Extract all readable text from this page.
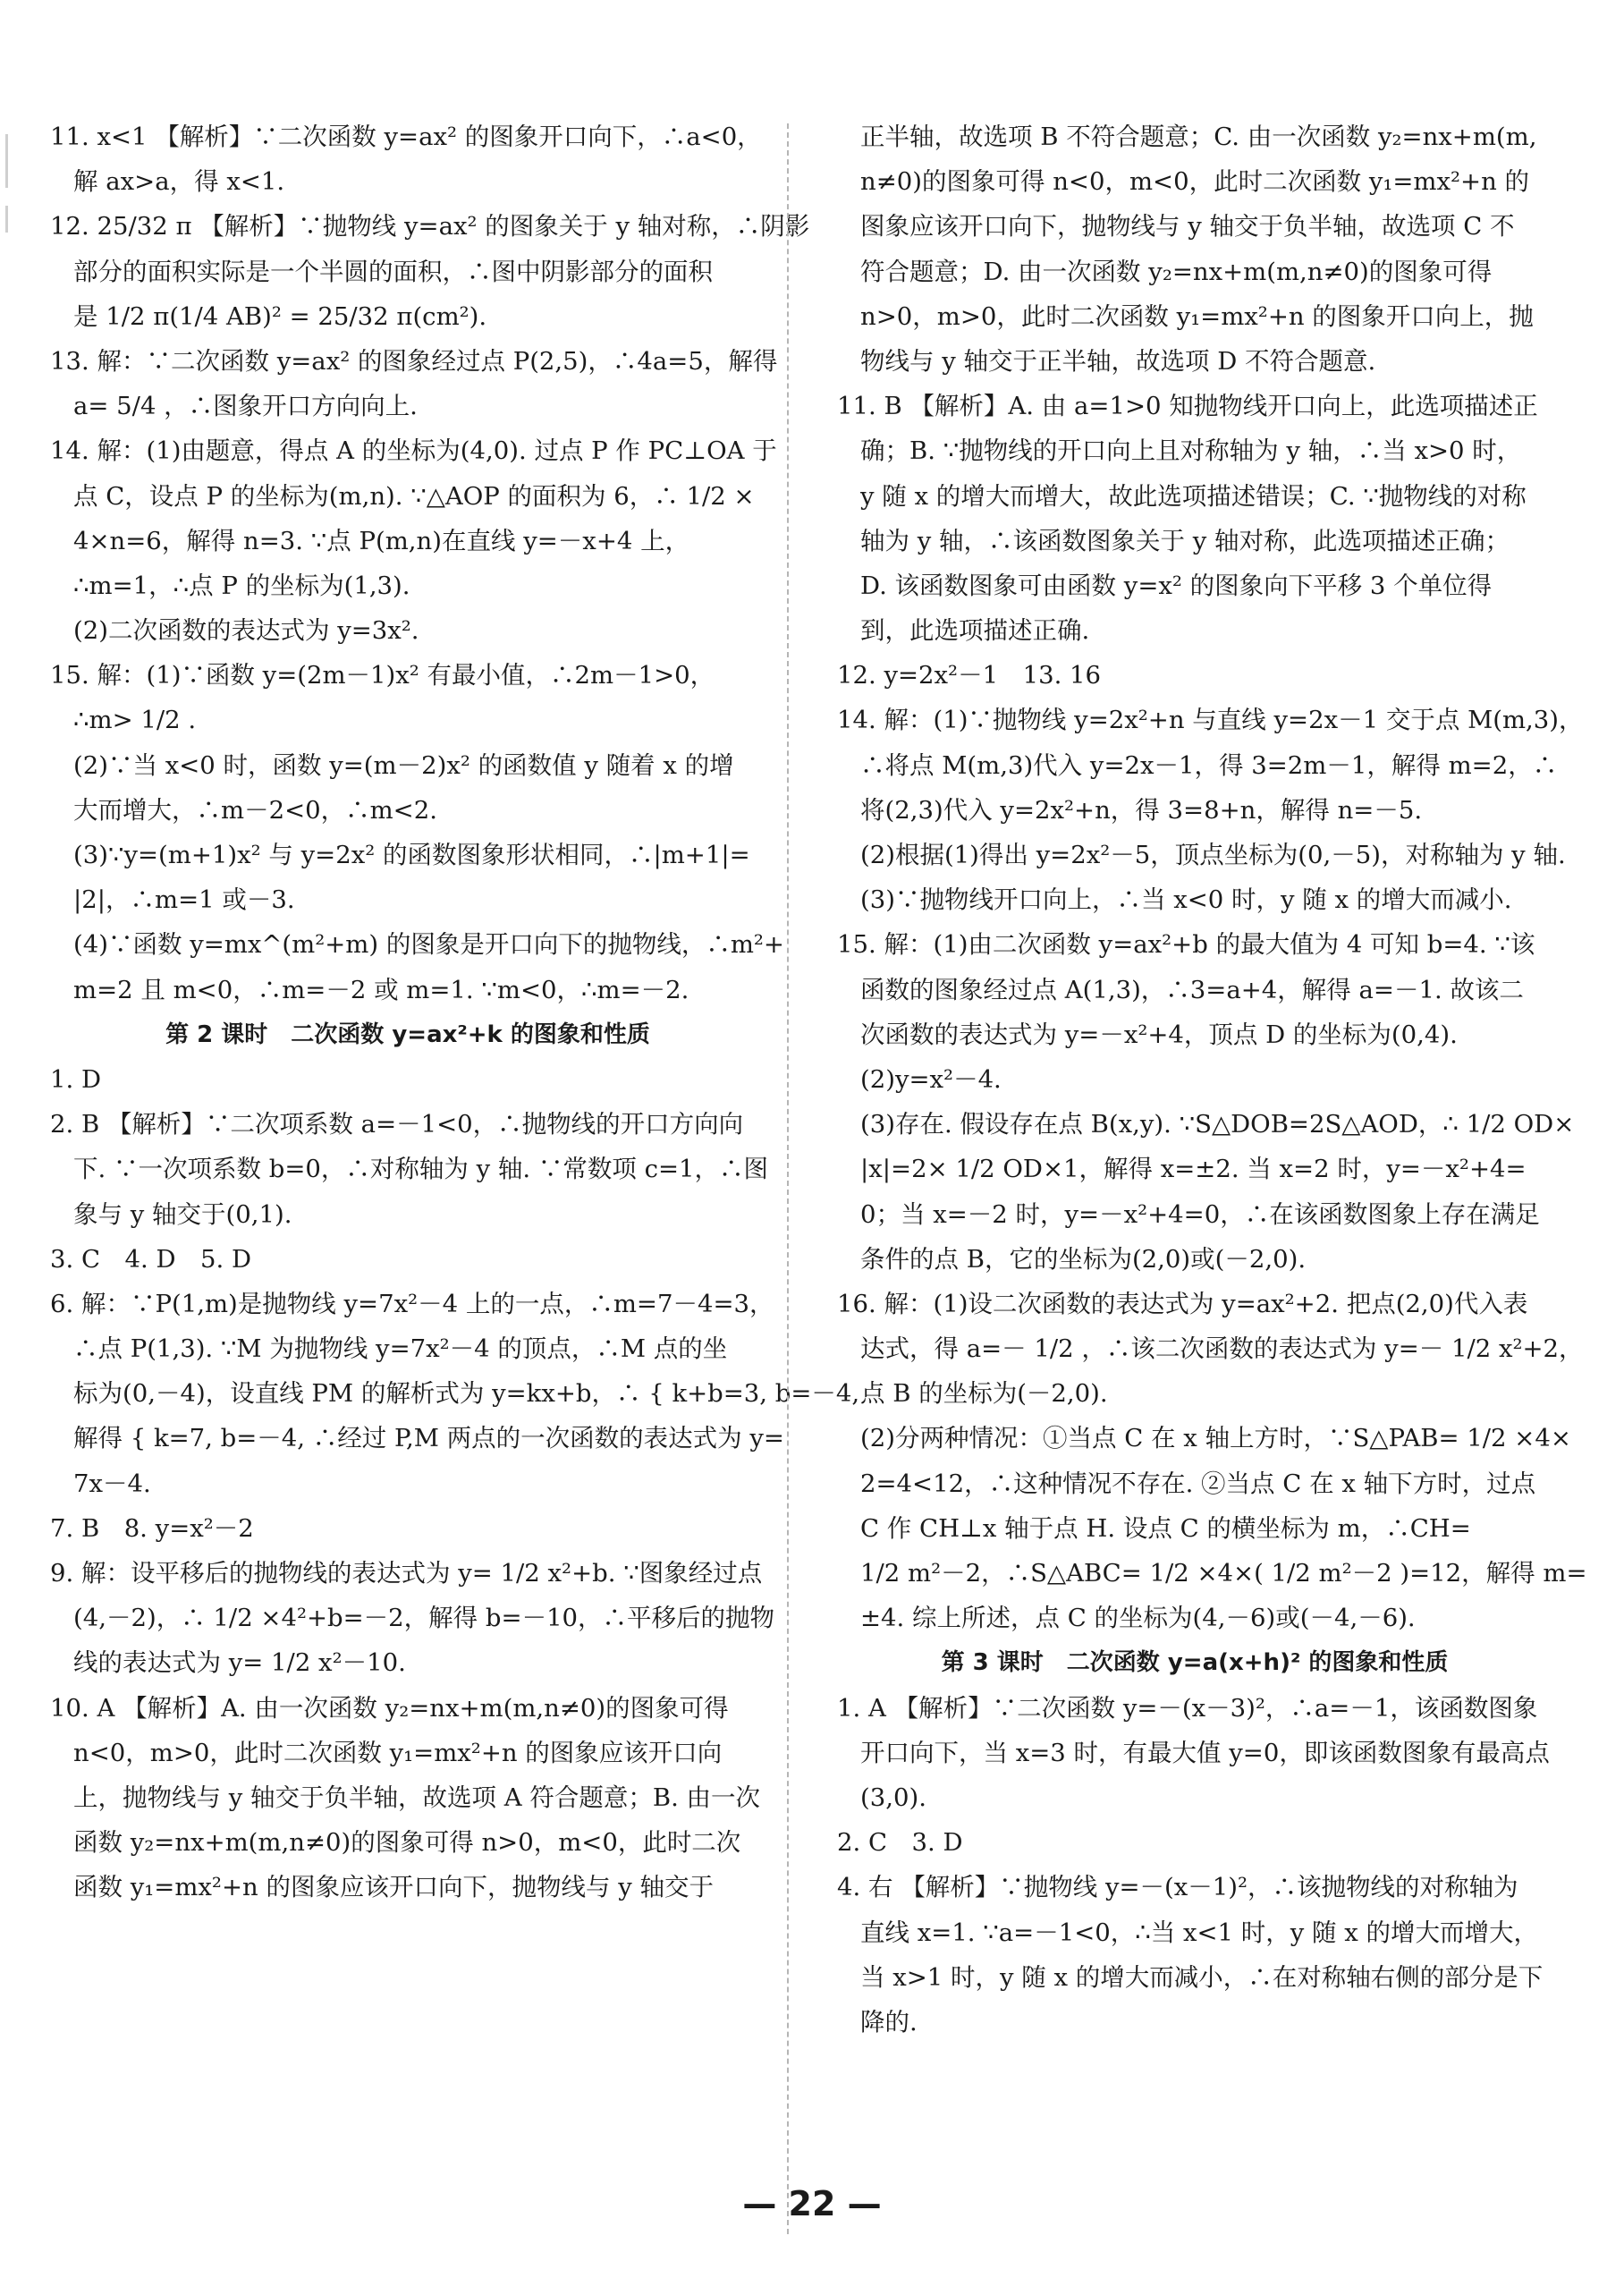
11. x<1 【解析】∵二次函数 y=ax² 的图象开口向下，∴a<0，
解 ax>a，得 x<1.
12. 25/32 π 【解析】∵抛物线 y=ax² 的图象关于 y 轴对称，∴阴影
部分的面积实际是一个半圆的面积，∴图中阴影部分的面积
是 1/2 π(1/4 AB)² = 25/32 π(cm²).
13. 解：∵二次函数 y=ax² 的图象经过点 P(2,5)，∴4a=5，解得
a= 5/4 ，∴图象开口方向向上.
14. 解：(1)由题意，得点 A 的坐标为(4,0). 过点 P 作 PC⊥OA 于
点 C，设点 P 的坐标为(m,n). ∵△AOP 的面积为 6，∴ 1/2 ×
4×n=6，解得 n=3. ∵点 P(m,n)在直线 y=－x+4 上，
∴m=1，∴点 P 的坐标为(1,3).
(2)二次函数的表达式为 y=3x².
15. 解：(1)∵函数 y=(2m－1)x² 有最小值，∴2m－1>0，
∴m> 1/2 .
(2)∵当 x<0 时，函数 y=(m－2)x² 的函数值 y 随着 x 的增
大而增大，∴m－2<0，∴m<2.
(3)∵y=(m+1)x² 与 y=2x² 的函数图象形状相同，∴|m+1|=
|2|，∴m=1 或－3.
(4)∵函数 y=mx^(m²+m) 的图象是开口向下的抛物线，∴m²+
m=2 且 m<0，∴m=－2 或 m=1. ∵m<0，∴m=－2.
第 2 课时　二次函数 y=ax²+k 的图象和性质
1. D
2. B 【解析】∵二次项系数 a=－1<0，∴抛物线的开口方向向
下. ∵一次项系数 b=0，∴对称轴为 y 轴. ∵常数项 c=1，∴图
象与 y 轴交于(0,1).
3. C　4. D　5. D
6. 解：∵P(1,m)是抛物线 y=7x²－4 上的一点，∴m=7－4=3，
∴点 P(1,3). ∵M 为抛物线 y=7x²－4 的顶点，∴M 点的坐
标为(0,－4)，设直线 PM 的解析式为 y=kx+b，∴ { k+b=3, b=－4,
解得 { k=7, b=－4, ∴经过 P,M 两点的一次函数的表达式为 y=
7x－4.
7. B　8. y=x²－2
9. 解：设平移后的抛物线的表达式为 y= 1/2 x²+b. ∵图象经过点
(4,－2)，∴ 1/2 ×4²+b=－2，解得 b=－10，∴平移后的抛物
线的表达式为 y= 1/2 x²－10.
10. A 【解析】A. 由一次函数 y₂=nx+m(m,n≠0)的图象可得
n<0，m>0，此时二次函数 y₁=mx²+n 的图象应该开口向
上，抛物线与 y 轴交于负半轴，故选项 A 符合题意；B. 由一次
函数 y₂=nx+m(m,n≠0)的图象可得 n>0，m<0，此时二次
函数 y₁=mx²+n 的图象应该开口向下，抛物线与 y 轴交于
正半轴，故选项 B 不符合题意；C. 由一次函数 y₂=nx+m(m,
n≠0)的图象可得 n<0，m<0，此时二次函数 y₁=mx²+n 的
图象应该开口向下，抛物线与 y 轴交于负半轴，故选项 C 不
符合题意；D. 由一次函数 y₂=nx+m(m,n≠0)的图象可得
n>0，m>0，此时二次函数 y₁=mx²+n 的图象开口向上，抛
物线与 y 轴交于正半轴，故选项 D 不符合题意.
11. B 【解析】A. 由 a=1>0 知抛物线开口向上，此选项描述正
确；B. ∵抛物线的开口向上且对称轴为 y 轴，∴当 x>0 时，
y 随 x 的增大而增大，故此选项描述错误；C. ∵抛物线的对称
轴为 y 轴，∴该函数图象关于 y 轴对称，此选项描述正确；
D. 该函数图象可由函数 y=x² 的图象向下平移 3 个单位得
到，此选项描述正确.
12. y=2x²－1　13. 16
14. 解：(1)∵抛物线 y=2x²+n 与直线 y=2x－1 交于点 M(m,3)，
∴将点 M(m,3)代入 y=2x－1，得 3=2m－1，解得 m=2，∴
将(2,3)代入 y=2x²+n，得 3=8+n，解得 n=－5.
(2)根据(1)得出 y=2x²－5，顶点坐标为(0,－5)，对称轴为 y 轴.
(3)∵抛物线开口向上，∴当 x<0 时，y 随 x 的增大而减小.
15. 解：(1)由二次函数 y=ax²+b 的最大值为 4 可知 b=4. ∵该
函数的图象经过点 A(1,3)，∴3=a+4，解得 a=－1. 故该二
次函数的表达式为 y=－x²+4，顶点 D 的坐标为(0,4).
(2)y=x²－4.
(3)存在. 假设存在点 B(x,y). ∵S△DOB=2S△AOD，∴ 1/2 OD×
|x|=2× 1/2 OD×1，解得 x=±2. 当 x=2 时，y=－x²+4=
0；当 x=－2 时，y=－x²+4=0，∴在该函数图象上存在满足
条件的点 B，它的坐标为(2,0)或(－2,0).
16. 解：(1)设二次函数的表达式为 y=ax²+2. 把点(2,0)代入表
达式，得 a=－ 1/2 ，∴该二次函数的表达式为 y=－ 1/2 x²+2，
点 B 的坐标为(－2,0).
(2)分两种情况：①当点 C 在 x 轴上方时，∵S△PAB= 1/2 ×4×
2=4<12，∴这种情况不存在. ②当点 C 在 x 轴下方时，过点
C 作 CH⊥x 轴于点 H. 设点 C 的横坐标为 m，∴CH=
1/2 m²－2，∴S△ABC= 1/2 ×4×( 1/2 m²－2 )=12，解得 m=
±4. 综上所述，点 C 的坐标为(4,－6)或(－4,－6).
第 3 课时　二次函数 y=a(x+h)² 的图象和性质
1. A 【解析】∵二次函数 y=－(x－3)²，∴a=－1，该函数图象
开口向下，当 x=3 时，有最大值 y=0，即该函数图象有最高点
(3,0).
2. C　3. D
4. 右 【解析】∵抛物线 y=－(x－1)²，∴该抛物线的对称轴为
直线 x=1. ∵a=－1<0，∴当 x<1 时，y 随 x 的增大而增大，
当 x>1 时，y 随 x 的增大而减小，∴在对称轴右侧的部分是下
降的.
— 22 —
